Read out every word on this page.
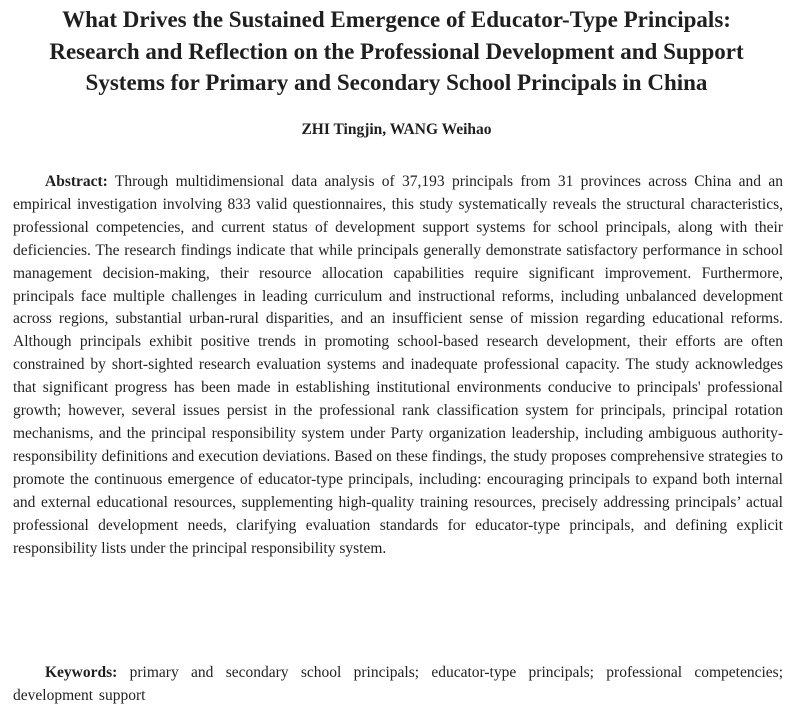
What Drives the Sustained Emergence of Educator-Type Principals:
Research and Reflection on the Professional Development and Support
Systems for Primary and Secondary School Principals in China
ZHI Tingjin, WANG Weihao

Abstract: Through multidimensional data analysis of 37,193 principals from 31 provinces across China and an empirical investigation involving 833 valid questionnaires, this study systematically reveals the structural characteristics, professional competencies, and current status of development support systems for school principals, along with their deficiencies. The research findings indicate that while principals generally demonstrate satisfactory performance in school management decision-making, their resource allocation capabilities require significant improvement. Furthermore, principals face multiple challenges in leading curriculum and instructional reforms, including unbalanced development across regions, substantial urban-rural disparities, and an insufficient sense of mission regarding educational reforms. Although principals exhibit positive trends in promoting school-based research development, their efforts are often constrained by short-sighted research evaluation systems and inadequate professional capacity. The study acknowledges that significant progress has been made in establishing institutional environments conducive to principals' professional growth; however, several issues persist in the professional rank classification system for principals, principal rotation mechanisms, and the principal responsibility system under Party organization leadership, including ambiguous authority-responsibility definitions and execution deviations. Based on these findings, the study proposes comprehensive strategies to promote the continuous emergence of educator-type principals, including: encouraging principals to expand both internal and external educational resources, supplementing high-quality training resources, precisely addressing principals’ actual professional development needs, clarifying evaluation standards for educator-type principals, and defining explicit responsibility lists under the principal responsibility system.

Keywords: primary and secondary school principals; educator-type principals; professional competencies; development support
